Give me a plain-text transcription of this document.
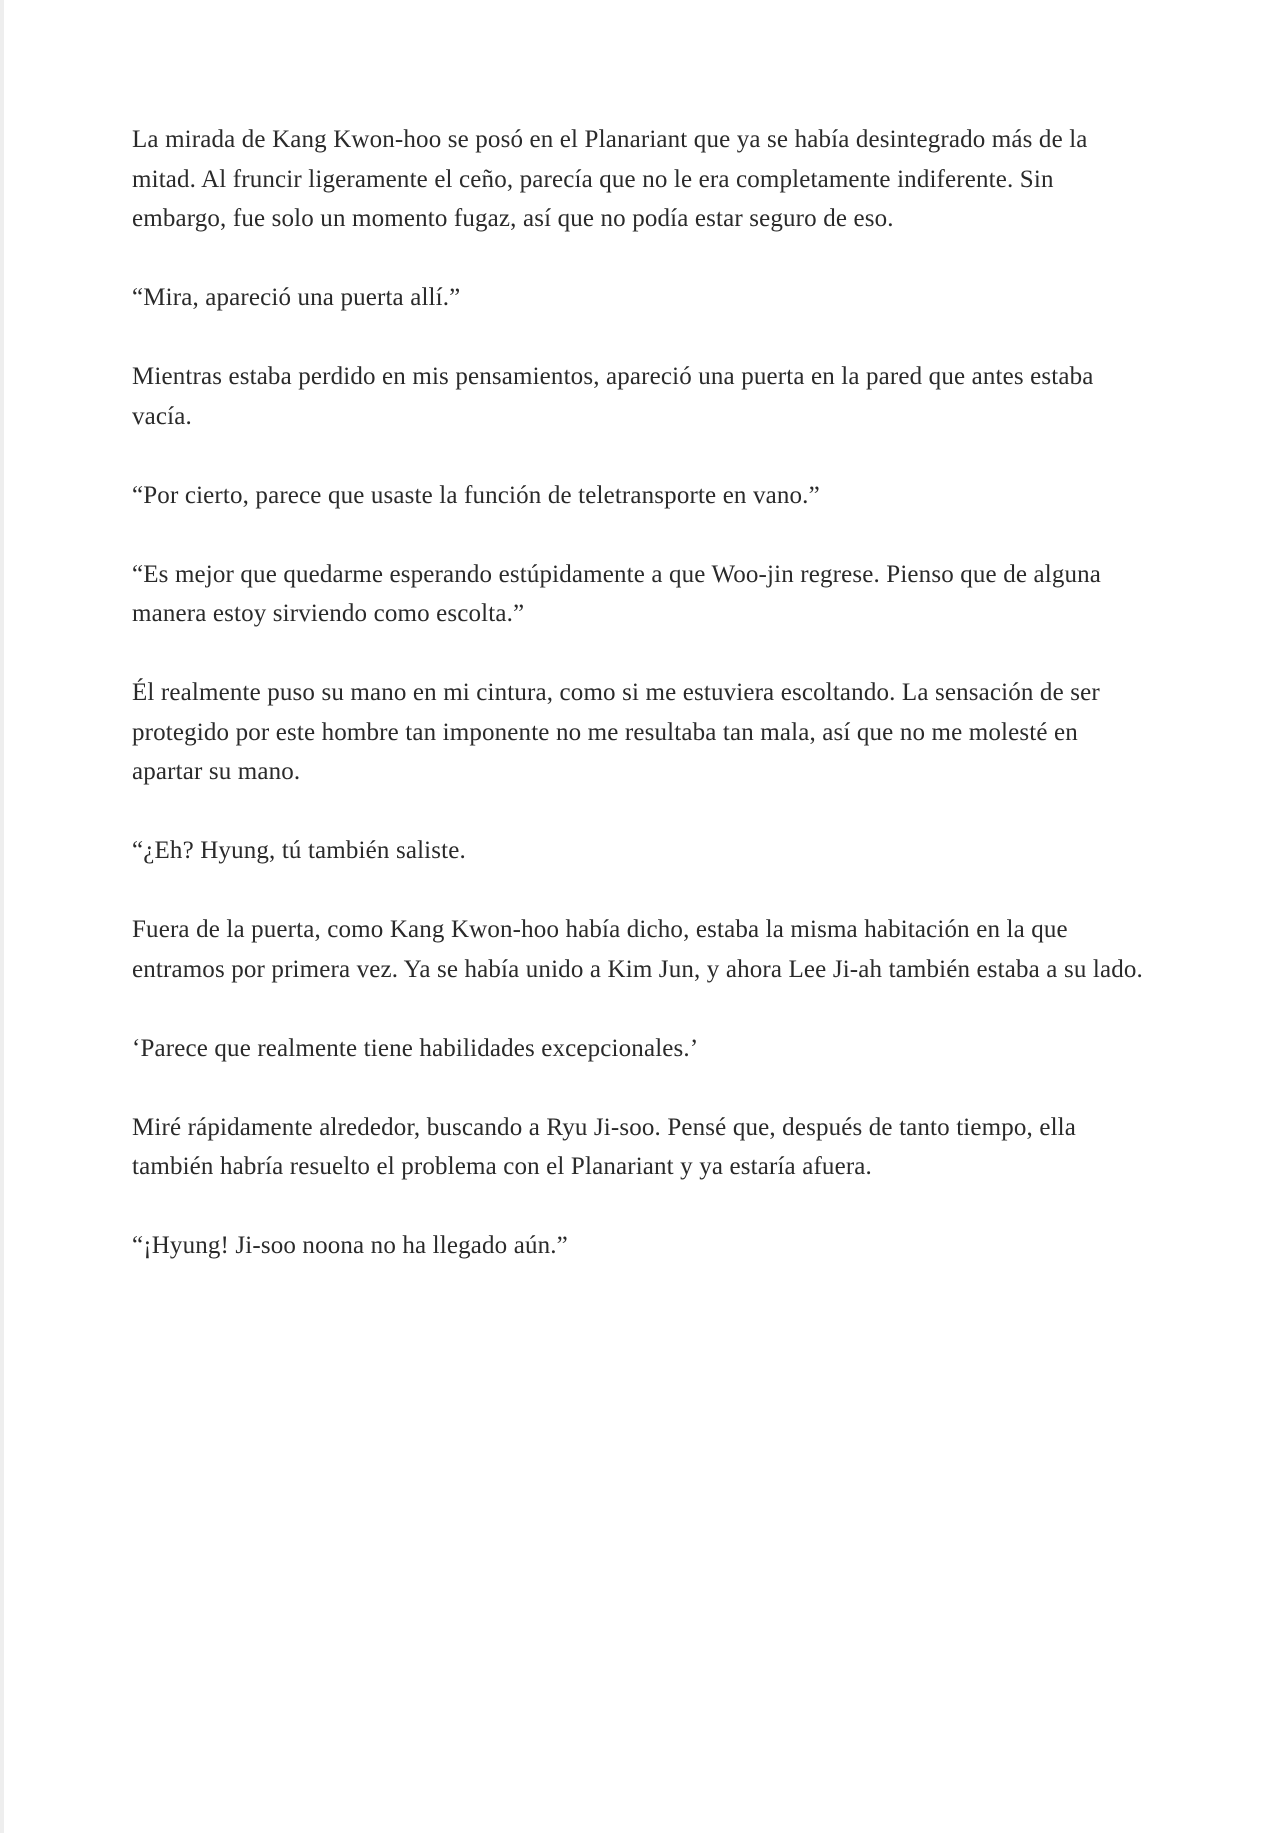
La mirada de Kang Kwon-hoo se posó en el Planariant que ya se había desintegrado más de la mitad. Al fruncir ligeramente el ceño, parecía que no le era completamente indiferente. Sin embargo, fue solo un momento fugaz, así que no podía estar seguro de eso.

“Mira, apareció una puerta allí.”

Mientras estaba perdido en mis pensamientos, apareció una puerta en la pared que antes estaba vacía.

“Por cierto, parece que usaste la función de teletransporte en vano.”

“Es mejor que quedarme esperando estúpidamente a que Woo-jin regrese. Pienso que de alguna manera estoy sirviendo como escolta.”

Él realmente puso su mano en mi cintura, como si me estuviera escoltando. La sensación de ser protegido por este hombre tan imponente no me resultaba tan mala, así que no me molesté en apartar su mano.

“¿Eh? Hyung, tú también saliste.

Fuera de la puerta, como Kang Kwon-hoo había dicho, estaba la misma habitación en la que entramos por primera vez. Ya se había unido a Kim Jun, y ahora Lee Ji-ah también estaba a su lado.

‘Parece que realmente tiene habilidades excepcionales.’

Miré rápidamente alrededor, buscando a Ryu Ji-soo. Pensé que, después de tanto tiempo, ella también habría resuelto el problema con el Planariant y ya estaría afuera.

“¡Hyung! Ji-soo noona no ha llegado aún.”
